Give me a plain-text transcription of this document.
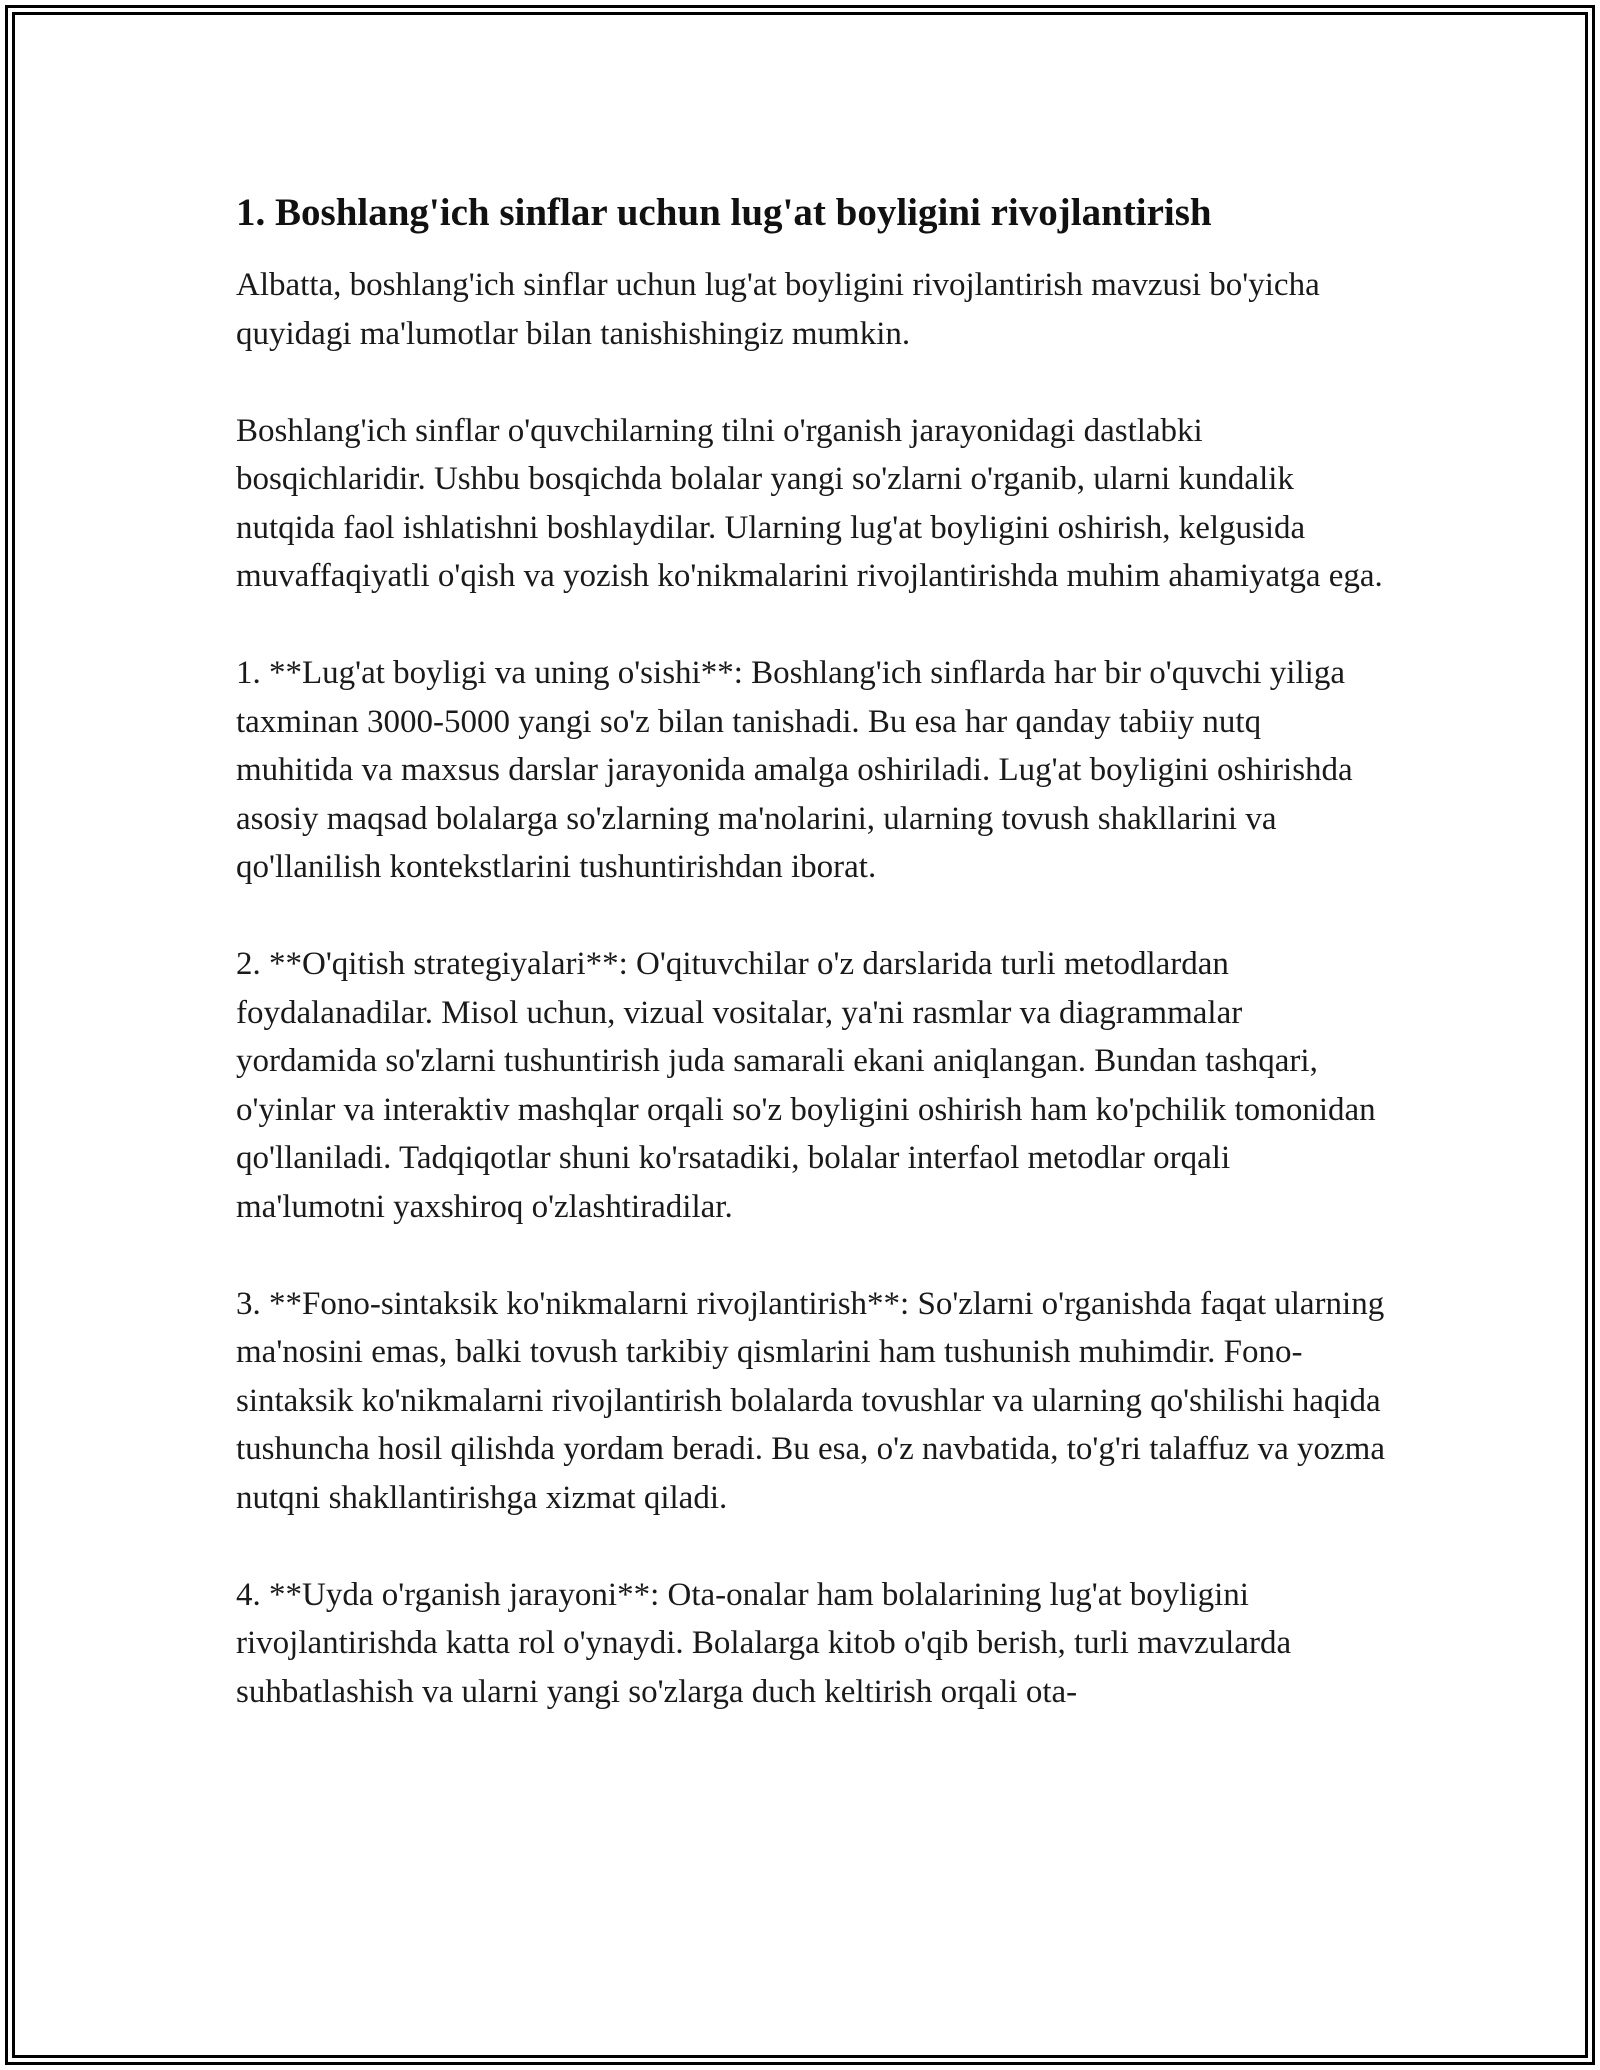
1. Boshlang'ich sinflar uchun lug'at boyligini rivojlantirish

Albatta, boshlang'ich sinflar uchun lug'at boyligini rivojlantirish mavzusi bo'yicha quyidagi ma'lumotlar bilan tanishishingiz mumkin.

Boshlang'ich sinflar o'quvchilarning tilni o'rganish jarayonidagi dastlabki bosqichlaridir. Ushbu bosqichda bolalar yangi so'zlarni o'rganib, ularni kundalik nutqida faol ishlatishni boshlaydilar. Ularning lug'at boyligini oshirish, kelgusida muvaffaqiyatli o'qish va yozish ko'nikmalarini rivojlantirishda muhim ahamiyatga ega.

1. **Lug'at boyligi va uning o'sishi**: Boshlang'ich sinflarda har bir o'quvchi yiliga taxminan 3000-5000 yangi so'z bilan tanishadi. Bu esa har qanday tabiiy nutq muhitida va maxsus darslar jarayonida amalga oshiriladi. Lug'at boyligini oshirishda asosiy maqsad bolalarga so'zlarning ma'nolarini, ularning tovush shakllarini va qo'llanilish kontekstlarini tushuntirishdan iborat.

2. **O'qitish strategiyalari**: O'qituvchilar o'z darslarida turli metodlardan foydalanadilar. Misol uchun, vizual vositalar, ya'ni rasmlar va diagrammalar yordamida so'zlarni tushuntirish juda samarali ekani aniqlangan. Bundan tashqari, o'yinlar va interaktiv mashqlar orqali so'z boyligini oshirish ham ko'pchilik tomonidan qo'llaniladi. Tadqiqotlar shuni ko'rsatadiki, bolalar interfaol metodlar orqali ma'lumotni yaxshiroq o'zlashtiradilar.

3. **Fono-sintaksik ko'nikmalarni rivojlantirish**: So'zlarni o'rganishda faqat ularning ma'nosini emas, balki tovush tarkibiy qismlarini ham tushunish muhimdir. Fono-sintaksik ko'nikmalarni rivojlantirish bolalarda tovushlar va ularning qo'shilishi haqida tushuncha hosil qilishda yordam beradi. Bu esa, o'z navbatida, to'g'ri talaffuz va yozma nutqni shakllantirishga xizmat qiladi.

4. **Uyda o'rganish jarayoni**: Ota-onalar ham bolalarining lug'at boyligini rivojlantirishda katta rol o'ynaydi. Bolalarga kitob o'qib berish, turli mavzularda suhbatlashish va ularni yangi so'zlarga duch keltirish orqali ota-
